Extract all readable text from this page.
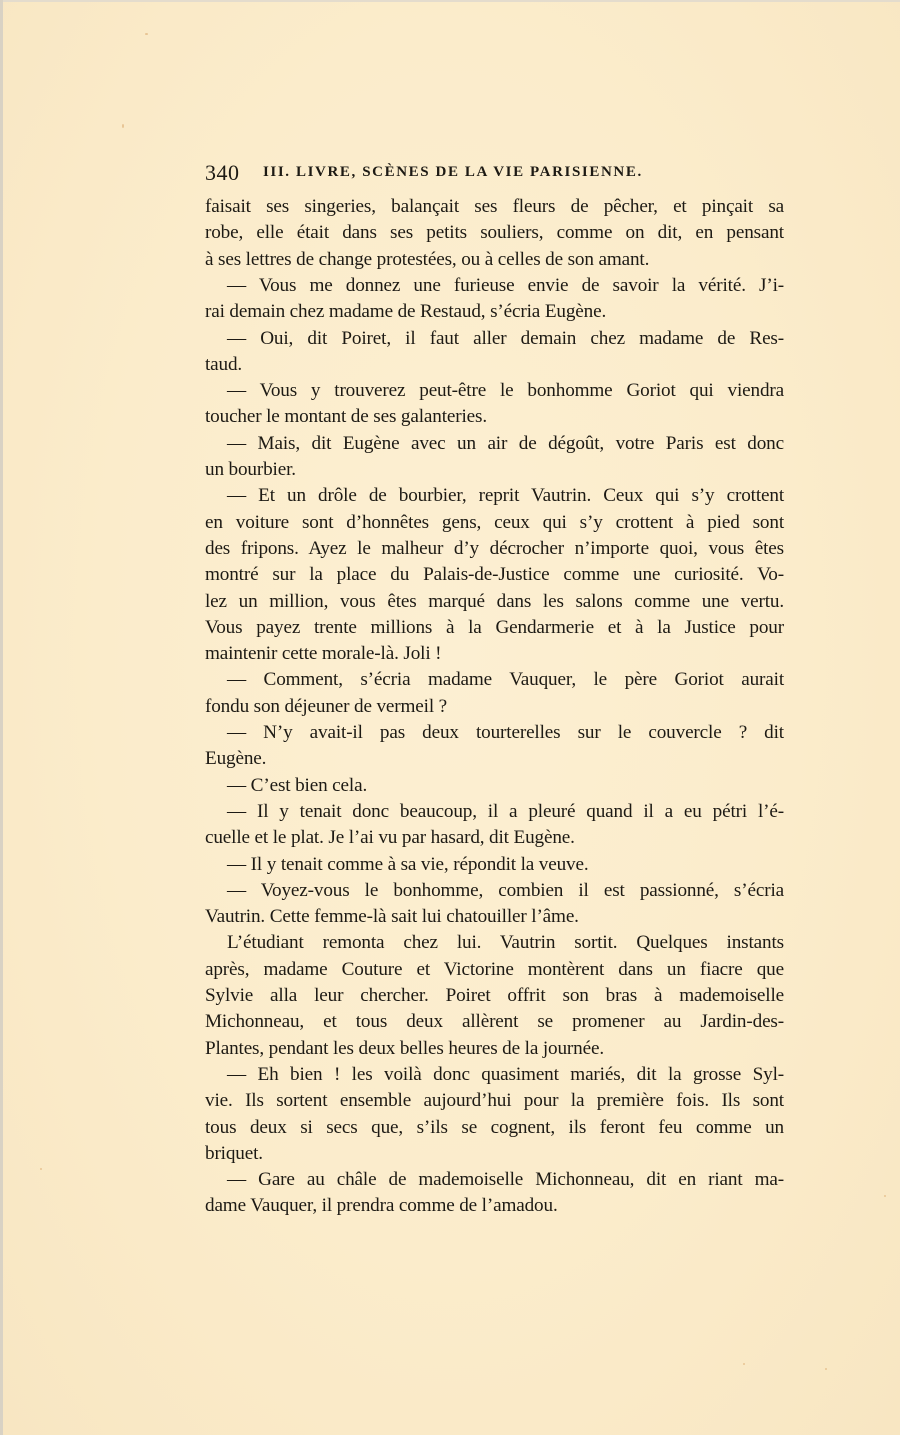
340 III. LIVRE, SCÈNES DE LA VIE PARISIENNE.
faisait ses singeries, balançait ses fleurs de pêcher, et pinçait sa
robe, elle était dans ses petits souliers, comme on dit, en pensant
à ses lettres de change protestées, ou à celles de son amant.
— Vous me donnez une furieuse envie de savoir la vérité. J’i-
rai demain chez madame de Restaud, s’écria Eugène.
— Oui, dit Poiret, il faut aller demain chez madame de Res-
taud.
— Vous y trouverez peut-être le bonhomme Goriot qui viendra
toucher le montant de ses galanteries.
— Mais, dit Eugène avec un air de dégoût, votre Paris est donc
un bourbier.
— Et un drôle de bourbier, reprit Vautrin. Ceux qui s’y crottent
en voiture sont d’honnêtes gens, ceux qui s’y crottent à pied sont
des fripons. Ayez le malheur d’y décrocher n’importe quoi, vous êtes
montré sur la place du Palais-de-Justice comme une curiosité. Vo-
lez un million, vous êtes marqué dans les salons comme une vertu.
Vous payez trente millions à la Gendarmerie et à la Justice pour
maintenir cette morale-là. Joli !
— Comment, s’écria madame Vauquer, le père Goriot aurait
fondu son déjeuner de vermeil ?
— N’y avait-il pas deux tourterelles sur le couvercle ? dit
Eugène.
— C’est bien cela.
— Il y tenait donc beaucoup, il a pleuré quand il a eu pétri l’é-
cuelle et le plat. Je l’ai vu par hasard, dit Eugène.
— Il y tenait comme à sa vie, répondit la veuve.
— Voyez-vous le bonhomme, combien il est passionné, s’écria
Vautrin. Cette femme-là sait lui chatouiller l’âme.
L’étudiant remonta chez lui. Vautrin sortit. Quelques instants
après, madame Couture et Victorine montèrent dans un fiacre que
Sylvie alla leur chercher. Poiret offrit son bras à mademoiselle
Michonneau, et tous deux allèrent se promener au Jardin-des-
Plantes, pendant les deux belles heures de la journée.
— Eh bien ! les voilà donc quasiment mariés, dit la grosse Syl-
vie. Ils sortent ensemble aujourd’hui pour la première fois. Ils sont
tous deux si secs que, s’ils se cognent, ils feront feu comme un
briquet.
— Gare au châle de mademoiselle Michonneau, dit en riant ma-
dame Vauquer, il prendra comme de l’amadou.
